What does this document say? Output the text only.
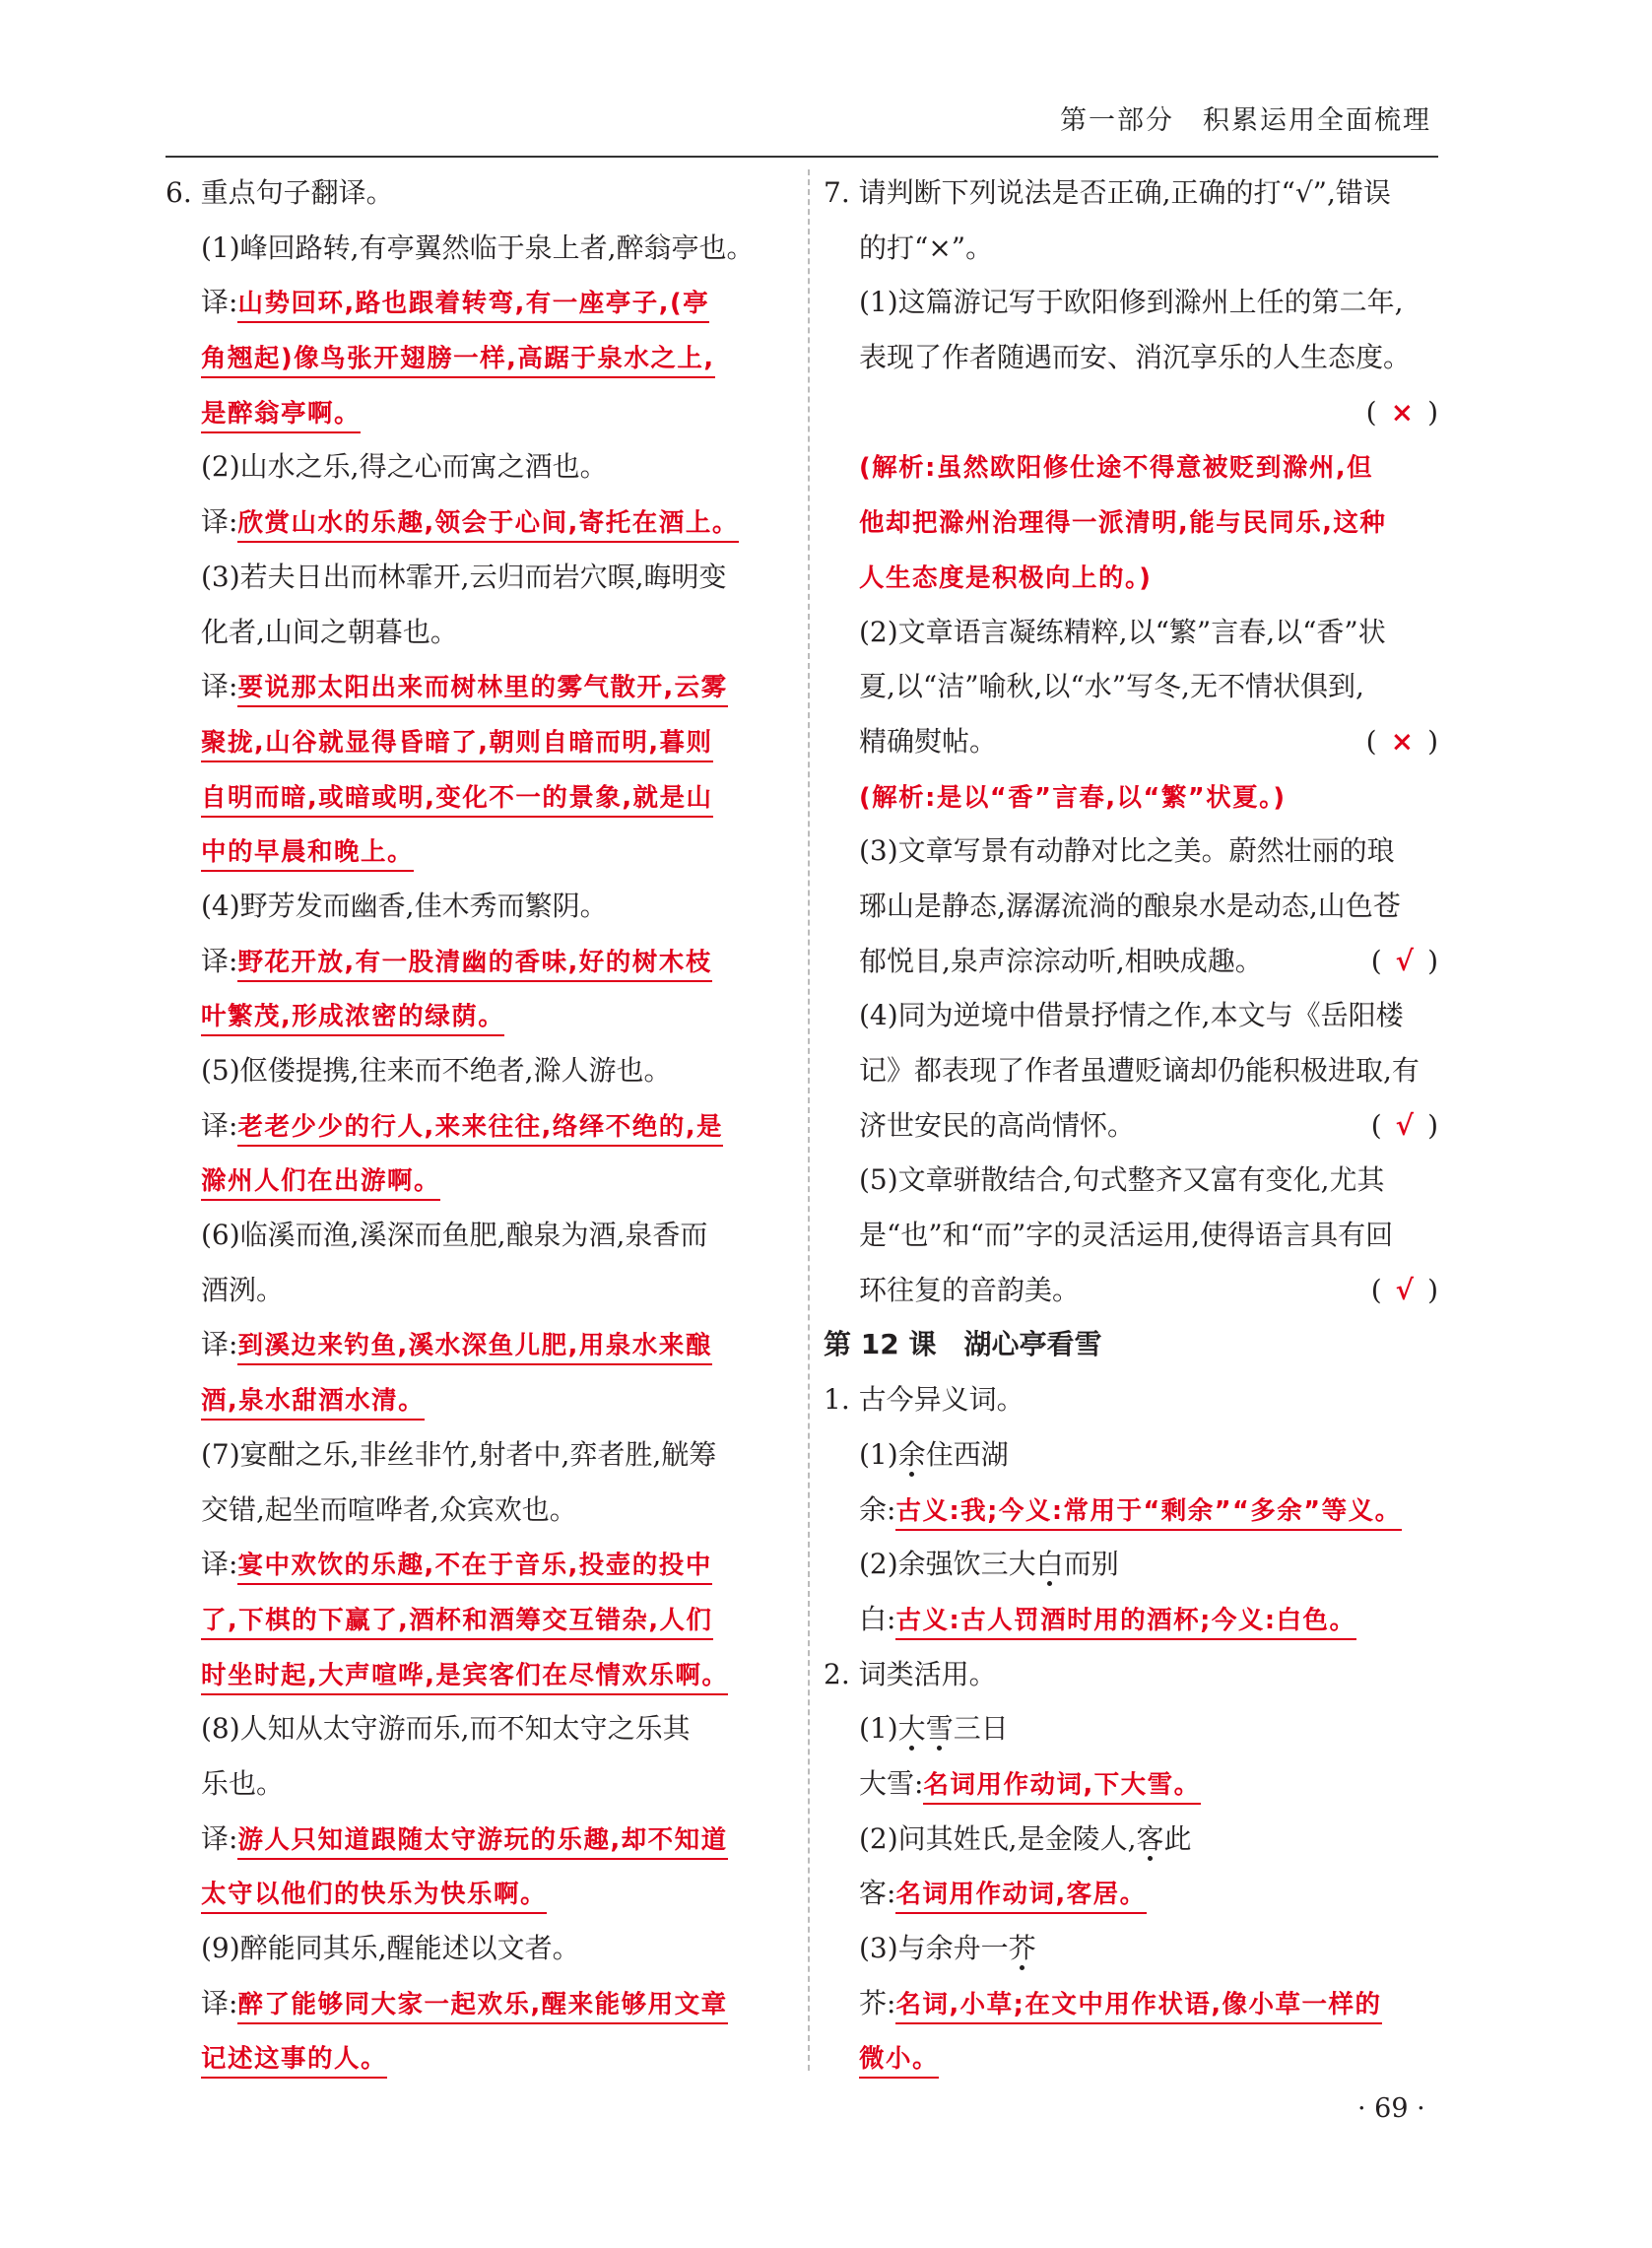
第一部分　积累运用全面梳理
6. 重点句子翻译。
(1)峰回路转,有亭翼然临于泉上者,醉翁亭也。
译:山势回环,路也跟着转弯,有一座亭子,(亭
角翘起)像鸟张开翅膀一样,高踞于泉水之上,
是醉翁亭啊。
(2)山水之乐,得之心而寓之酒也。
译:欣赏山水的乐趣,领会于心间,寄托在酒上。
(3)若夫日出而林霏开,云归而岩穴暝,晦明变
化者,山间之朝暮也。
译:要说那太阳出来而树林里的雾气散开,云雾
聚拢,山谷就显得昏暗了,朝则自暗而明,暮则
自明而暗,或暗或明,变化不一的景象,就是山
中的早晨和晚上。
(4)野芳发而幽香,佳木秀而繁阴。
译:野花开放,有一股清幽的香味,好的树木枝
叶繁茂,形成浓密的绿荫。
(5)伛偻提携,往来而不绝者,滁人游也。
译:老老少少的行人,来来往往,络绎不绝的,是
滁州人们在出游啊。
(6)临溪而渔,溪深而鱼肥,酿泉为酒,泉香而
酒洌。
译:到溪边来钓鱼,溪水深鱼儿肥,用泉水来酿
酒,泉水甜酒水清。
(7)宴酣之乐,非丝非竹,射者中,弈者胜,觥筹
交错,起坐而喧哗者,众宾欢也。
译:宴中欢饮的乐趣,不在于音乐,投壶的投中
了,下棋的下赢了,酒杯和酒筹交互错杂,人们
时坐时起,大声喧哗,是宾客们在尽情欢乐啊。
(8)人知从太守游而乐,而不知太守之乐其
乐也。
译:游人只知道跟随太守游玩的乐趣,却不知道
太守以他们的快乐为快乐啊。
(9)醉能同其乐,醒能述以文者。
译:醉了能够同大家一起欢乐,醒来能够用文章
记述这事的人。
7. 请判断下列说法是否正确,正确的打“√”,错误
的打“×”。
(1)这篇游记写于欧阳修到滁州上任的第二年,
表现了作者随遇而安、消沉享乐的人生态度。
( × )
(解析:虽然欧阳修仕途不得意被贬到滁州,但
他却把滁州治理得一派清明,能与民同乐,这种
人生态度是积极向上的。)
(2)文章语言凝练精粹,以“繁”言春,以“香”状
夏,以“洁”喻秋,以“水”写冬,无不情状俱到,
精确熨帖。	( × )
(解析:是以“香”言春,以“繁”状夏。)
(3)文章写景有动静对比之美。蔚然壮丽的琅
琊山是静态,潺潺流淌的酿泉水是动态,山色苍
郁悦目,泉声淙淙动听,相映成趣。	( √ )
(4)同为逆境中借景抒情之作,本文与《岳阳楼
记》都表现了作者虽遭贬谪却仍能积极进取,有
济世安民的高尚情怀。	( √ )
(5)文章骈散结合,句式整齐又富有变化,尤其
是“也”和“而”字的灵活运用,使得语言具有回
环往复的音韵美。	( √ )
第 12 课　湖心亭看雪
1. 古今异义词。
(1)余住西湖
余:古义:我;今义:常用于“剩余”“多余”等义。
(2)余强饮三大白而别
白:古义:古人罚酒时用的酒杯;今义:白色。
2. 词类活用。
(1)大雪三日
大雪:名词用作动词,下大雪。
(2)问其姓氏,是金陵人,客此
客:名词用作动词,客居。
(3)与余舟一芥
芥:名词,小草;在文中用作状语,像小草一样的
微小。
· 69 ·
